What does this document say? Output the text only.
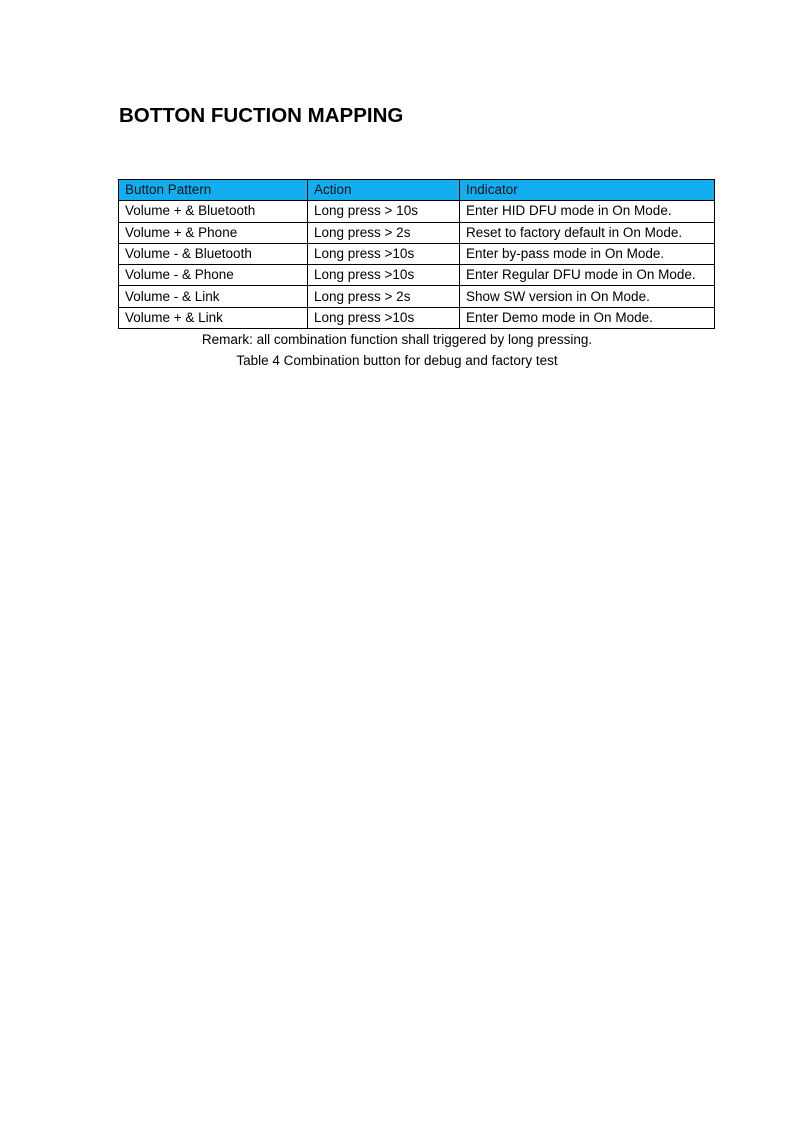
BOTTON FUCTION MAPPING
Button Pattern	Action	Indicator
Volume + & Bluetooth	Long press > 10s	Enter HID DFU mode in On Mode.
Volume + & Phone	Long press > 2s	Reset to factory default in On Mode.
Volume - & Bluetooth	Long press >10s	Enter by-pass mode in On Mode.
Volume - & Phone	Long press >10s	Enter Regular DFU mode in On Mode.
Volume - & Link	Long press > 2s	Show SW version in On Mode.
Volume + & Link	Long press >10s	Enter Demo mode in On Mode.

Remark: all combination function shall triggered by long pressing.

Table 4 Combination button for debug and factory test
